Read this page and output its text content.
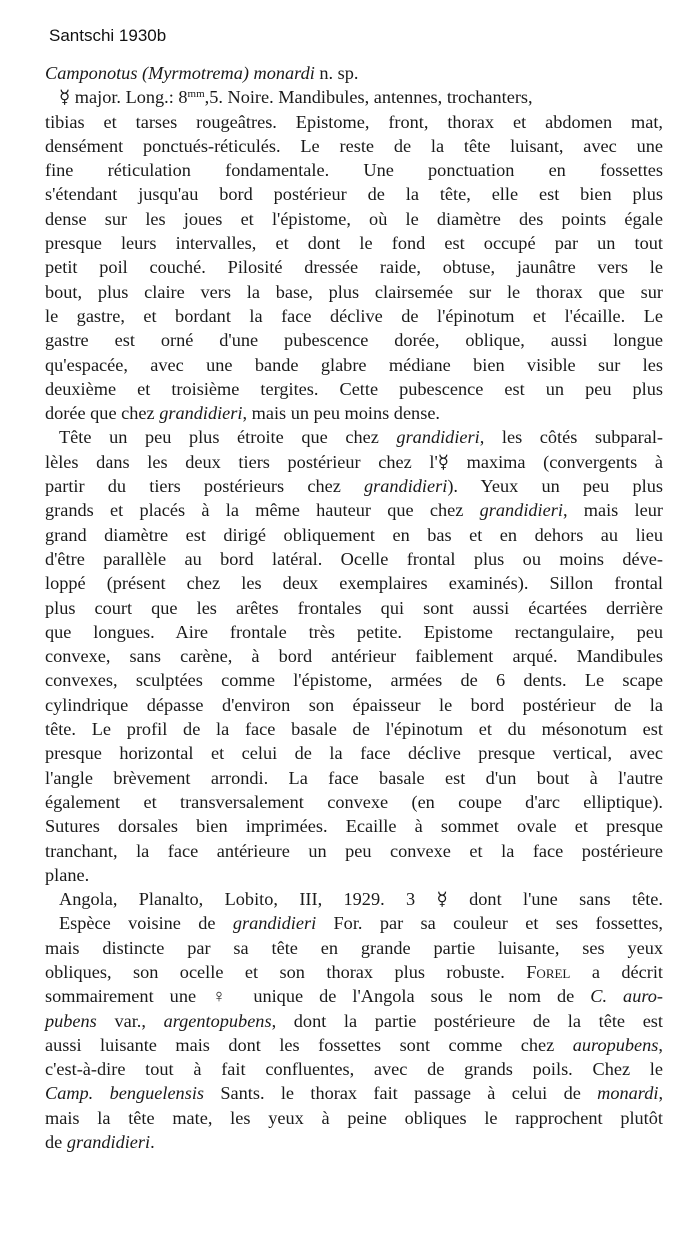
Santschi 1930b
Camponotus (Myrmotrema) monardi n. sp.
☿ major. Long.: $8^{mm},5$. Noire. Mandibules, antennes, trochanters,
tibias et tarses rougeâtres. Epistome, front, thorax et abdomen mat,
densément ponctués-réticulés. Le reste de la tête luisant, avec une
fine réticulation fondamentale. Une ponctuation en fossettes
s'étendant jusqu'au bord postérieur de la tête, elle est bien plus
dense sur les joues et l'épistome, où le diamètre des points égale
presque leurs intervalles, et dont le fond est occupé par un tout
petit poil couché. Pilosité dressée raide, obtuse, jaunâtre vers le
bout, plus claire vers la base, plus clairsemée sur le thorax que sur
le gastre, et bordant la face déclive de l'épinotum et l'écaille. Le
gastre est orné d'une pubescence dorée, oblique, aussi longue
qu'espacée, avec une bande glabre médiane bien visible sur les
deuxième et troisième tergites. Cette pubescence est un peu plus
dorée que chez grandidieri, mais un peu moins dense.
Tête un peu plus étroite que chez grandidieri, les côtés subparal-
lèles dans les deux tiers postérieur chez l'☿ maxima (convergents à
partir du tiers postérieurs chez grandidieri). Yeux un peu plus
grands et placés à la même hauteur que chez grandidieri, mais leur
grand diamètre est dirigé obliquement en bas et en dehors au lieu
d'être parallèle au bord latéral. Ocelle frontal plus ou moins déve-
loppé (présent chez les deux exemplaires examinés). Sillon frontal
plus court que les arêtes frontales qui sont aussi écartées derrière
que longues. Aire frontale très petite. Epistome rectangulaire, peu
convexe, sans carène, à bord antérieur faiblement arqué. Mandibules
convexes, sculptées comme l'épistome, armées de 6 dents. Le scape
cylindrique dépasse d'environ son épaisseur le bord postérieur de la
tête. Le profil de la face basale de l'épinotum et du mésonotum est
presque horizontal et celui de la face déclive presque vertical, avec
l'angle brèvement arrondi. La face basale est d'un bout à l'autre
également et transversalement convexe (en coupe d'arc elliptique).
Sutures dorsales bien imprimées. Ecaille à sommet ovale et presque
tranchant, la face antérieure un peu convexe et la face postérieure
plane.
Angola, Planalto, Lobito, III, 1929. 3 ☿ dont l'une sans tête.
Espèce voisine de grandidieri For. par sa couleur et ses fossettes,
mais distincte par sa tête en grande partie luisante, ses yeux
obliques, son ocelle et son thorax plus robuste. Forel a décrit
sommairement une ♀ unique de l'Angola sous le nom de C. auro-
pubens var., argentopubens, dont la partie postérieure de la tête est
aussi luisante mais dont les fossettes sont comme chez auropubens,
c'est-à-dire tout à fait confluentes, avec de grands poils. Chez le
Camp. benguelensis Sants. le thorax fait passage à celui de monardi,
mais la tête mate, les yeux à peine obliques le rapprochent plutôt
de grandidieri.
